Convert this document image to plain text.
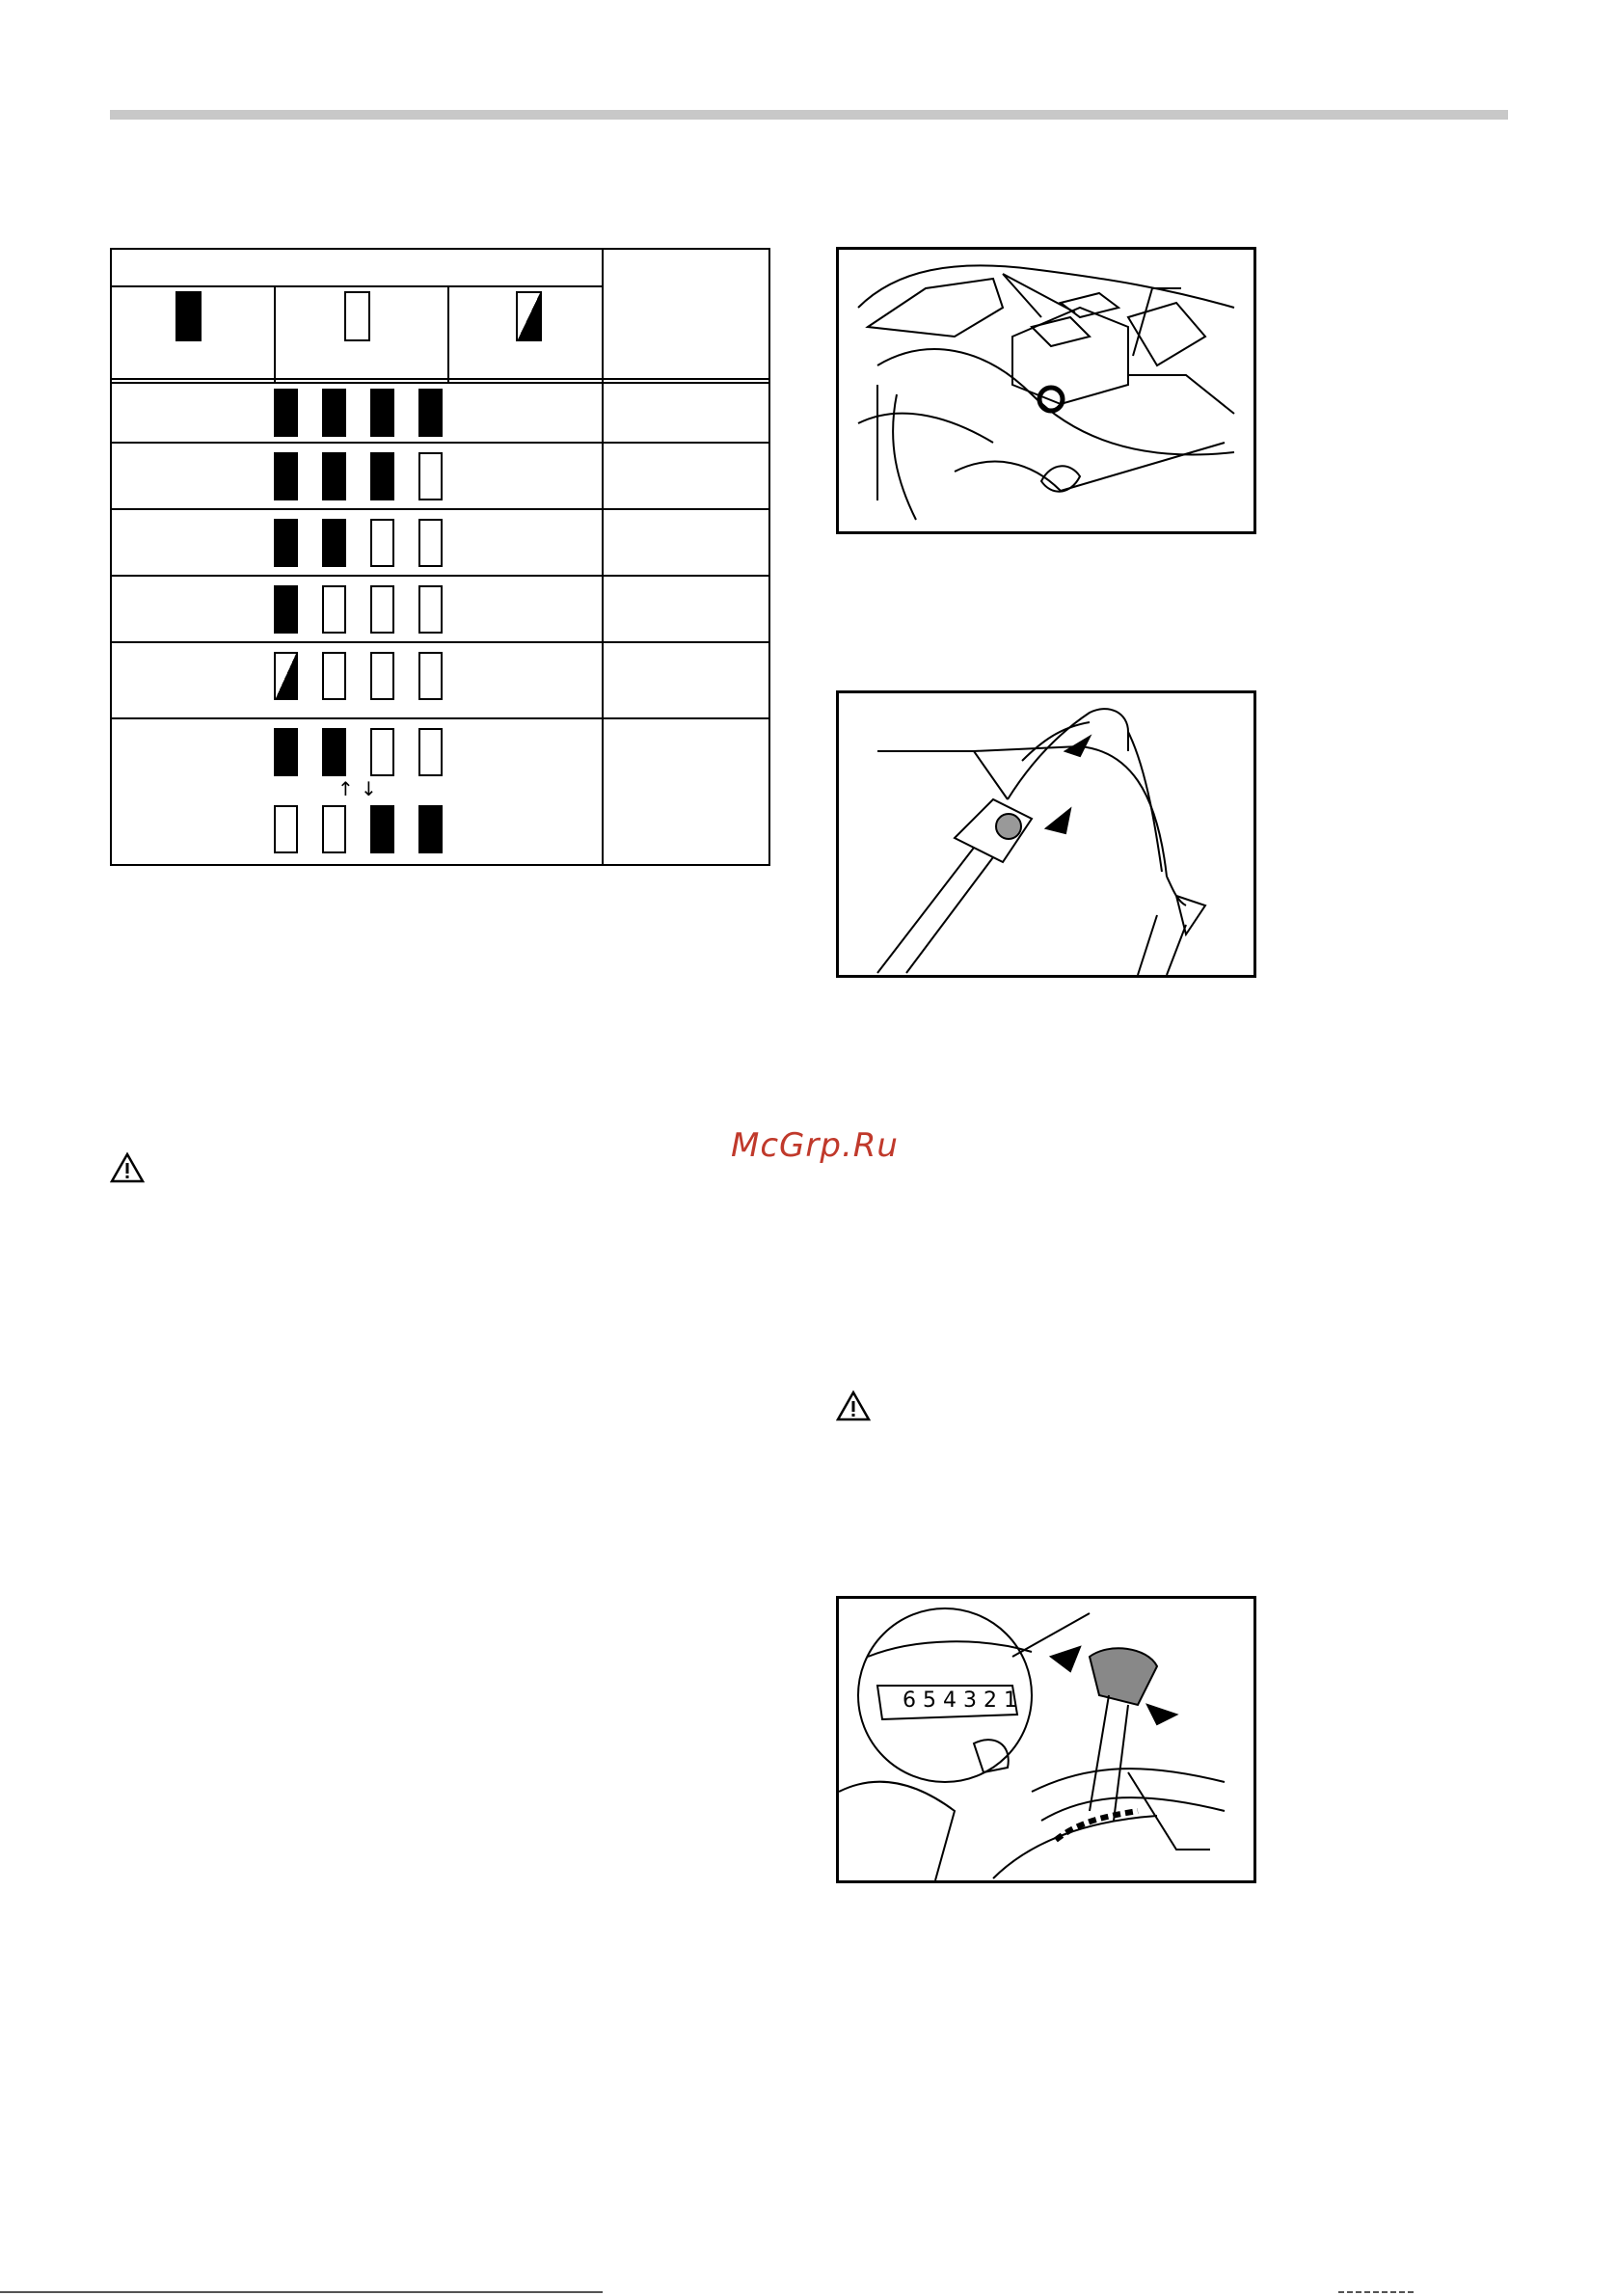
↑ ↓
6 5 4 3 2 1
McGrp.Ru
